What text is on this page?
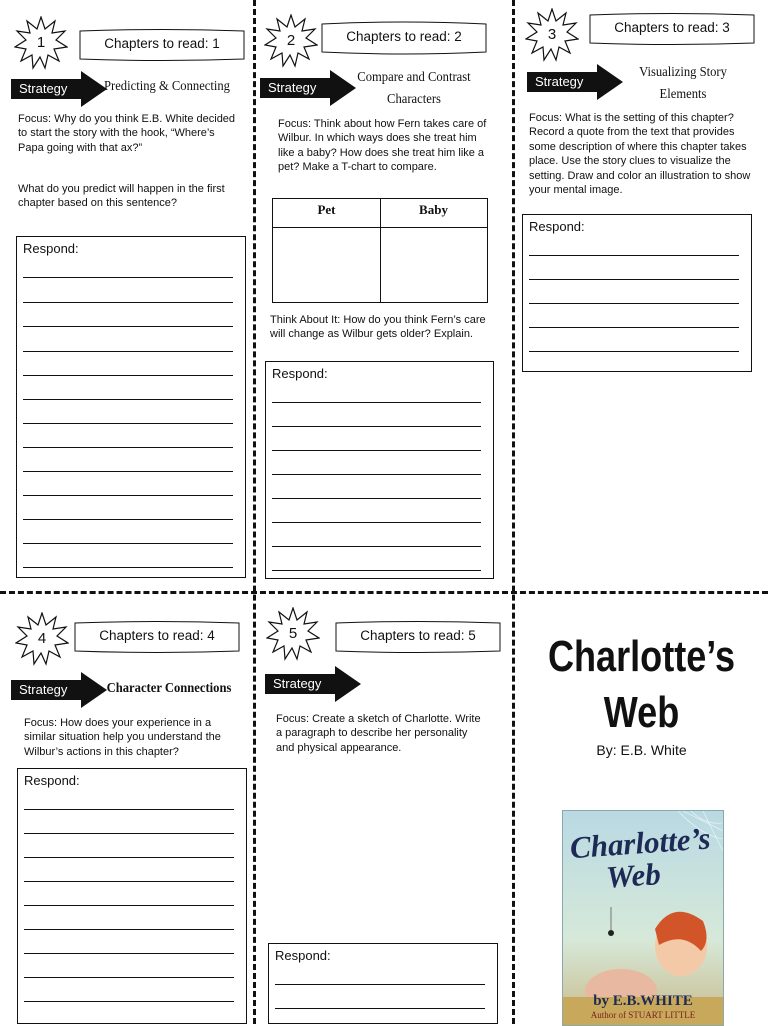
1	Chapters to read: 1
Strategy	Predicting & Connecting
Focus: Why do you think E.B. White decided to start the story with the hook, “Where’s Papa going with that ax?”
What do you predict will happen in the first chapter based on this sentence?
Respond:
2	Chapters to read: 2
Strategy
Compare and Contrast Characters
Focus: Think about how Fern takes care of Wilbur. In which ways does she treat him like a baby? How does she treat him like a pet? Make a T-chart to compare.
Pet	Baby
Think About It: How do you think Fern’s care will change as Wilbur gets older? Explain.
Respond:
3	Chapters to read: 3
Strategy
Visualizing Story Elements
Focus: What is the setting of this chapter? Record a quote from the text that provides some description of where this chapter takes place. Use the story clues to visualize the setting. Draw and color an illustration to show your mental image.
Respond:
4	Chapters to read: 4
Strategy	Character Connections
Focus: How does your experience in a similar situation help you understand the Wilbur’s actions in this chapter?
Respond:
5	Chapters to read: 5
Strategy
Focus: Create a sketch of Charlotte. Write a paragraph to describe her personality and physical appearance.
Respond:
Charlotte’s
Web
By: E.B. White
Charlotte’s
Web
by E.B.WHITE
Author of STUART LITTLE
